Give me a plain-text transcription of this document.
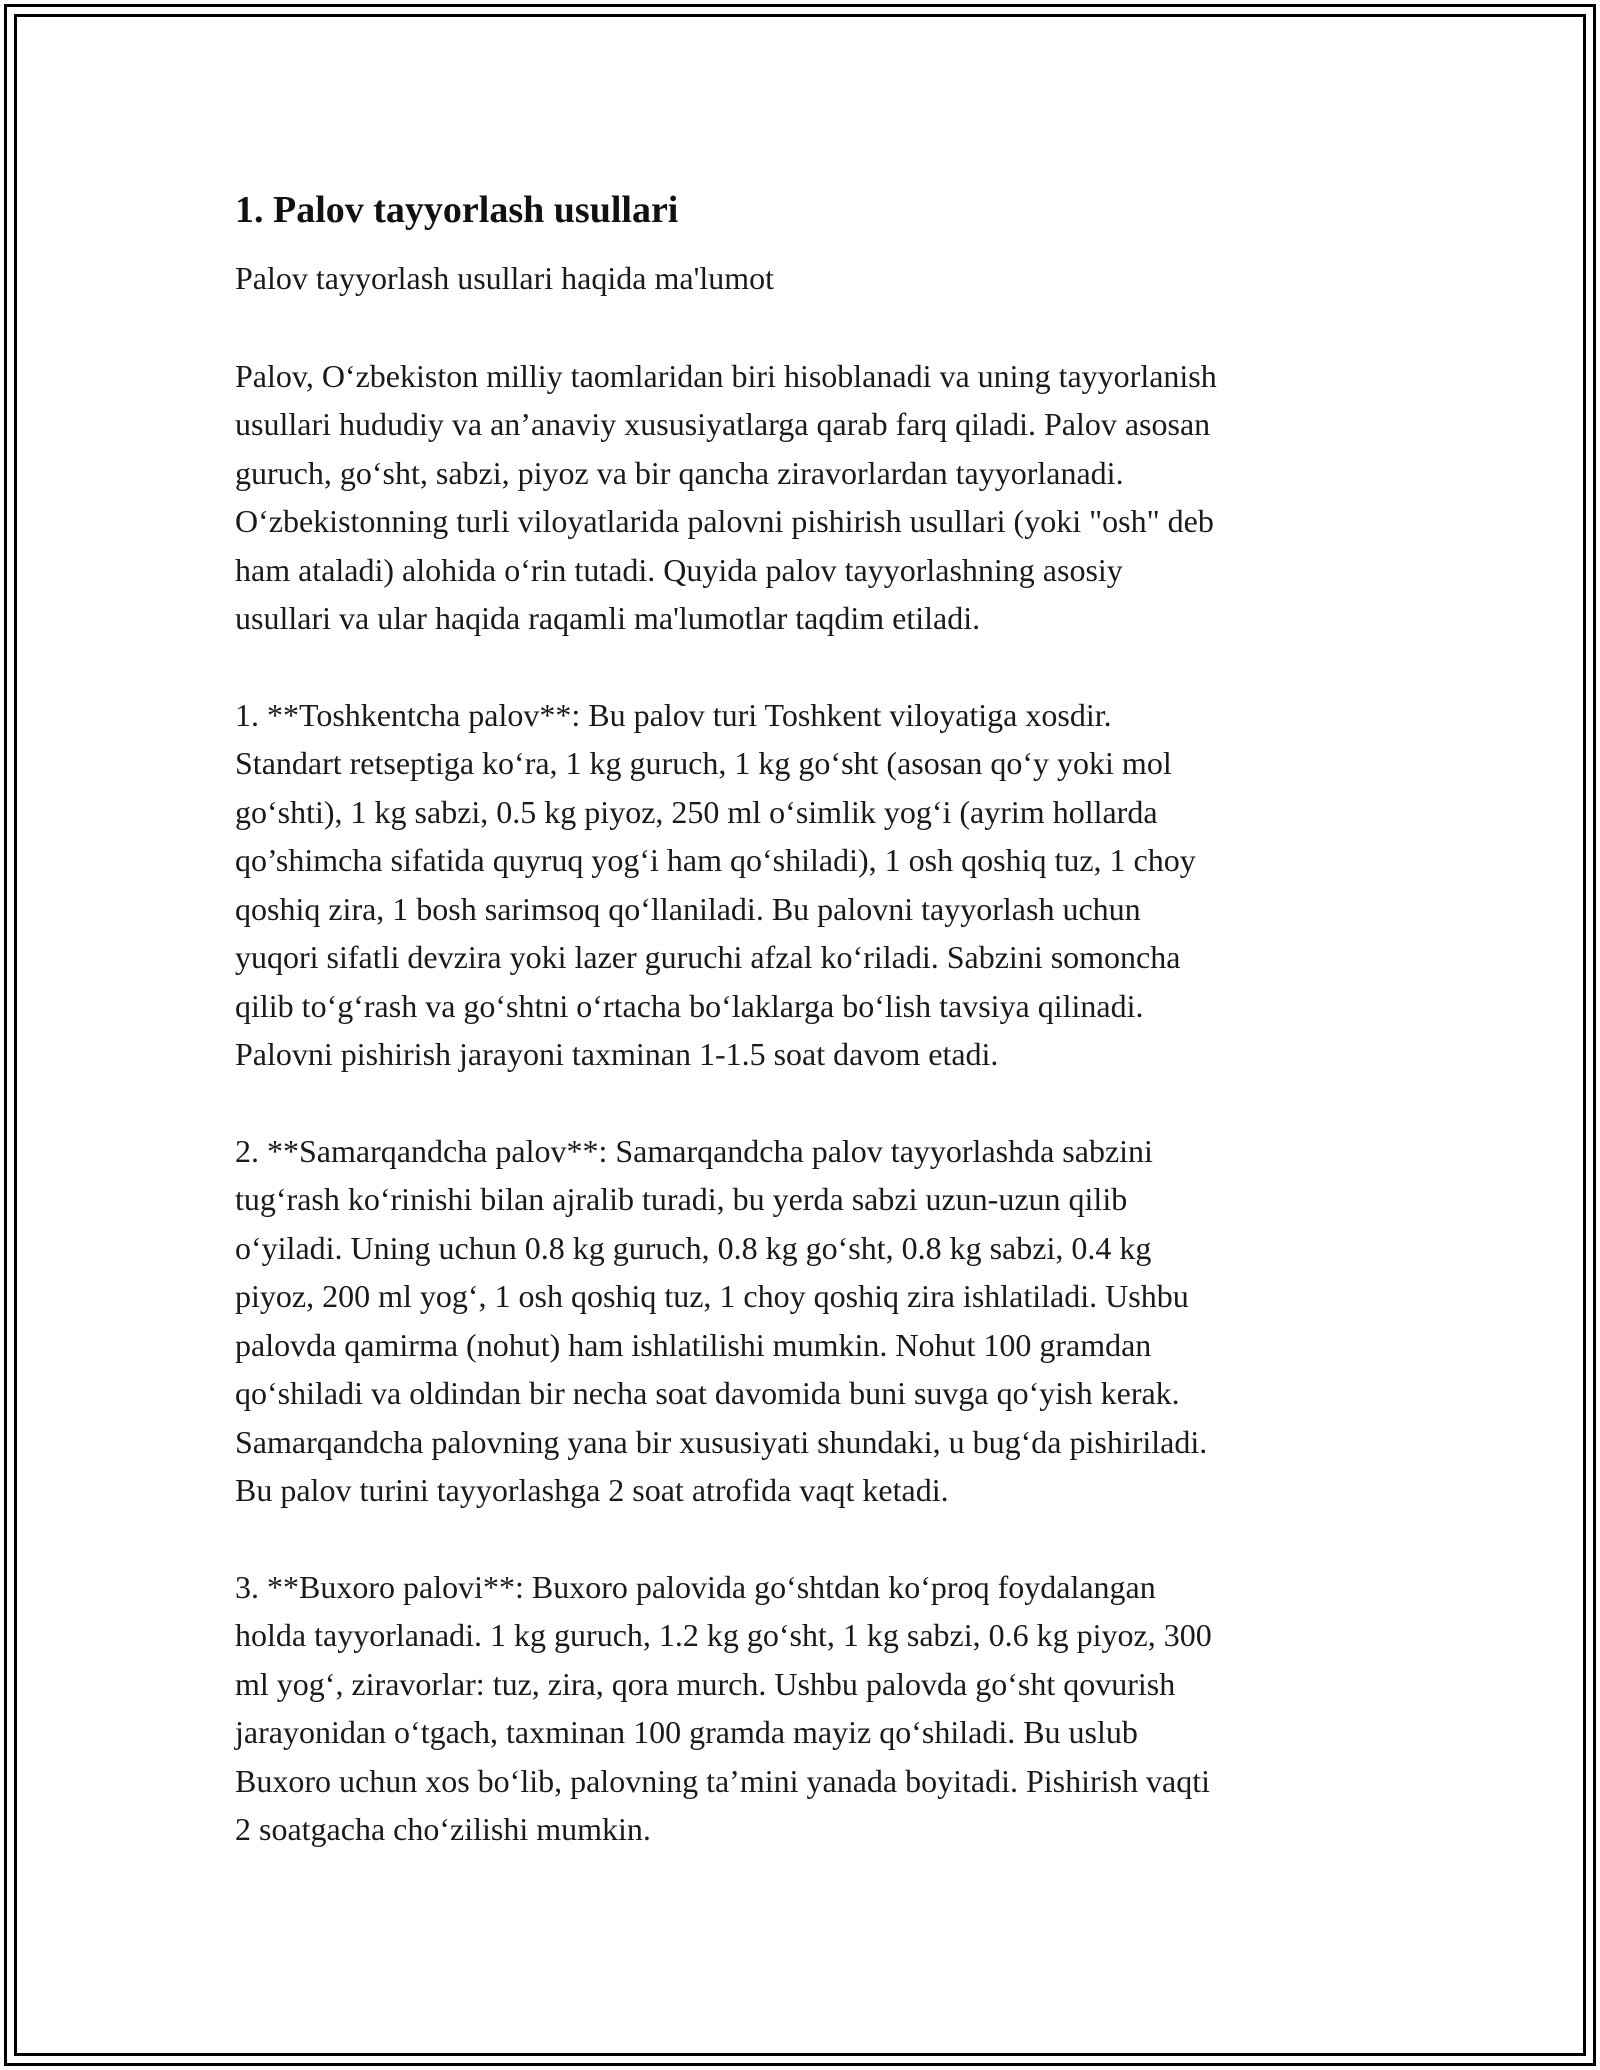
1. Palov tayyorlash usullari

Palov tayyorlash usullari haqida ma'lumot

Palov, O‘zbekiston milliy taomlaridan biri hisoblanadi va uning tayyorlanish
usullari hududiy va an’anaviy xususiyatlarga qarab farq qiladi. Palov asosan
guruch, go‘sht, sabzi, piyoz va bir qancha ziravorlardan tayyorlanadi.
O‘zbekistonning turli viloyatlarida palovni pishirish usullari (yoki "osh" deb
ham ataladi) alohida o‘rin tutadi. Quyida palov tayyorlashning asosiy
usullari va ular haqida raqamli ma'lumotlar taqdim etiladi.

1. **Toshkentcha palov**: Bu palov turi Toshkent viloyatiga xosdir.
Standart retseptiga ko‘ra, 1 kg guruch, 1 kg go‘sht (asosan qo‘y yoki mol
go‘shti), 1 kg sabzi, 0.5 kg piyoz, 250 ml o‘simlik yog‘i (ayrim hollarda
qo’shimcha sifatida quyruq yog‘i ham qo‘shiladi), 1 osh qoshiq tuz, 1 choy
qoshiq zira, 1 bosh sarimsoq qo‘llaniladi. Bu palovni tayyorlash uchun
yuqori sifatli devzira yoki lazer guruchi afzal ko‘riladi. Sabzini somoncha
qilib to‘g‘rash va go‘shtni o‘rtacha bo‘laklarga bo‘lish tavsiya qilinadi.
Palovni pishirish jarayoni taxminan 1-1.5 soat davom etadi.

2. **Samarqandcha palov**: Samarqandcha palov tayyorlashda sabzini
tug‘rash ko‘rinishi bilan ajralib turadi, bu yerda sabzi uzun-uzun qilib
o‘yiladi. Uning uchun 0.8 kg guruch, 0.8 kg go‘sht, 0.8 kg sabzi, 0.4 kg
piyoz, 200 ml yog‘, 1 osh qoshiq tuz, 1 choy qoshiq zira ishlatiladi. Ushbu
palovda qamirma (nohut) ham ishlatilishi mumkin. Nohut 100 gramdan
qo‘shiladi va oldindan bir necha soat davomida buni suvga qo‘yish kerak.
Samarqandcha palovning yana bir xususiyati shundaki, u bug‘da pishiriladi.
Bu palov turini tayyorlashga 2 soat atrofida vaqt ketadi.

3. **Buxoro palovi**: Buxoro palovida go‘shtdan ko‘proq foydalangan
holda tayyorlanadi. 1 kg guruch, 1.2 kg go‘sht, 1 kg sabzi, 0.6 kg piyoz, 300
ml yog‘, ziravorlar: tuz, zira, qora murch. Ushbu palovda go‘sht qovurish
jarayonidan o‘tgach, taxminan 100 gramda mayiz qo‘shiladi. Bu uslub
Buxoro uchun xos bo‘lib, palovning ta’mini yanada boyitadi. Pishirish vaqti
2 soatgacha cho‘zilishi mumkin.
